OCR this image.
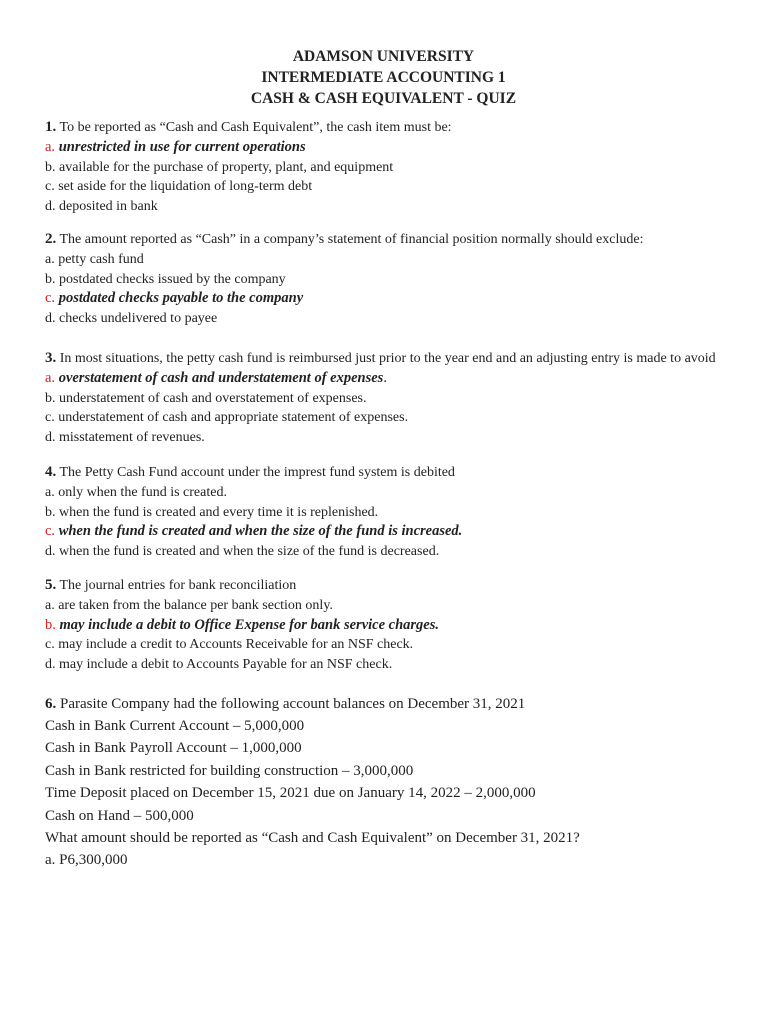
ADAMSON UNIVERSITY
INTERMEDIATE ACCOUNTING 1
CASH & CASH EQUIVALENT - QUIZ
1. To be reported as “Cash and Cash Equivalent”, the cash item must be:
a. unrestricted in use for current operations
b. available for the purchase of property, plant, and equipment
c. set aside for the liquidation of long-term debt
d. deposited in bank
2. The amount reported as “Cash” in a company’s statement of financial position normally should exclude:
a. petty cash fund
b. postdated checks issued by the company
c. postdated checks payable to the company
d. checks undelivered to payee
3. In most situations, the petty cash fund is reimbursed just prior to the year end and an adjusting entry is made to avoid
a. overstatement of cash and understatement of expenses.
b. understatement of cash and overstatement of expenses.
c. understatement of cash and appropriate statement of expenses.
d. misstatement of revenues.
4. The Petty Cash Fund account under the imprest fund system is debited
a. only when the fund is created.
b. when the fund is created and every time it is replenished.
c. when the fund is created and when the size of the fund is increased.
d. when the fund is created and when the size of the fund is decreased.
5. The journal entries for bank reconciliation
a. are taken from the balance per bank section only.
b. may include a debit to Office Expense for bank service charges.
c. may include a credit to Accounts Receivable for an NSF check.
d. may include a debit to Accounts Payable for an NSF check.
6. Parasite Company had the following account balances on December 31, 2021
Cash in Bank Current Account – 5,000,000
Cash in Bank Payroll Account – 1,000,000
Cash in Bank restricted for building construction – 3,000,000
Time Deposit placed on December 15, 2021 due on January 14, 2022 – 2,000,000
Cash on Hand – 500,000
What amount should be reported as “Cash and Cash Equivalent” on December 31, 2021?
a. P6,300,000
